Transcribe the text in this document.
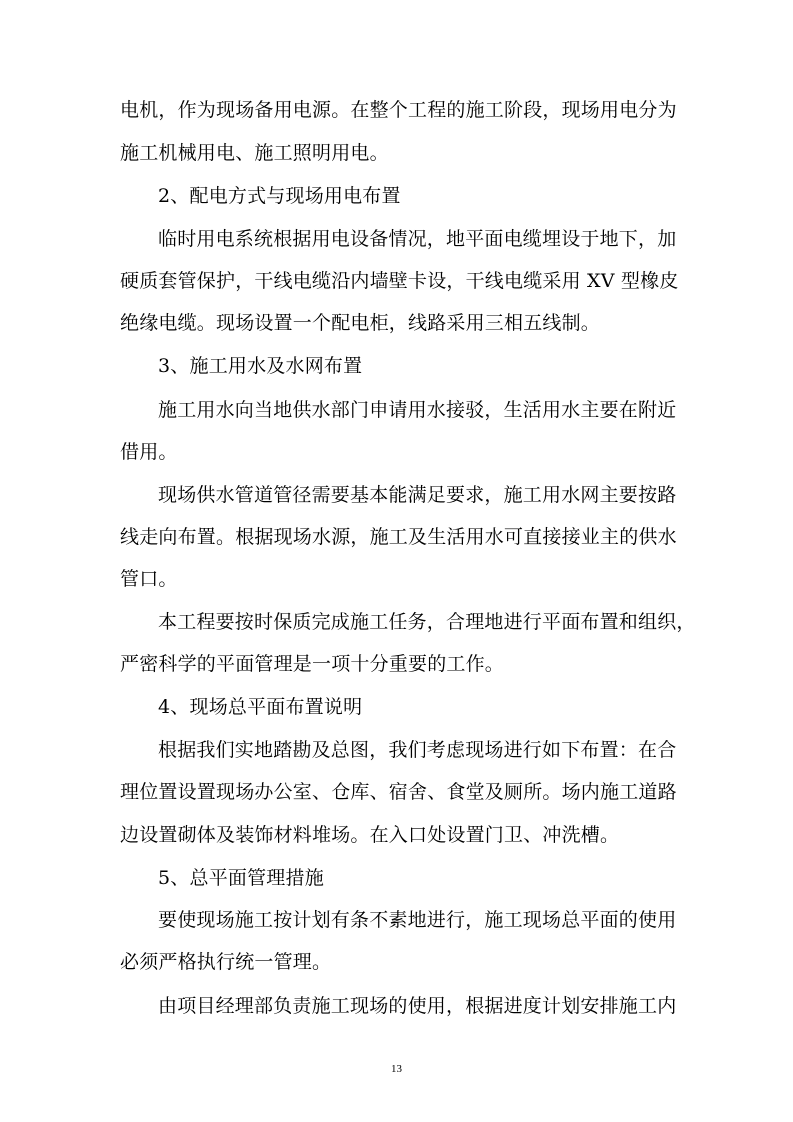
电机，作为现场备用电源。在整个工程的施工阶段，现场用电分为
施工机械用电、施工照明用电。
2、配电方式与现场用电布置
临时用电系统根据用电设备情况，地平面电缆埋设于地下，加
硬质套管保护，干线电缆沿内墙壁卡设，干线电缆采用 XV 型橡皮
绝缘电缆。现场设置一个配电柜，线路采用三相五线制。
3、施工用水及水网布置
施工用水向当地供水部门申请用水接驳，生活用水主要在附近
借用。
现场供水管道管径需要基本能满足要求，施工用水网主要按路
线走向布置。根据现场水源，施工及生活用水可直接接业主的供水
管口。
本工程要按时保质完成施工任务，合理地进行平面布置和组织，
严密科学的平面管理是一项十分重要的工作。
4、现场总平面布置说明
根据我们实地踏勘及总图，我们考虑现场进行如下布置：在合
理位置设置现场办公室、仓库、宿舍、食堂及厕所。场内施工道路
边设置砌体及装饰材料堆场。在入口处设置门卫、冲洗槽。
5、总平面管理措施
要使现场施工按计划有条不素地进行，施工现场总平面的使用
必须严格执行统一管理。
由项目经理部负责施工现场的使用，根据进度计划安排施工内
13
